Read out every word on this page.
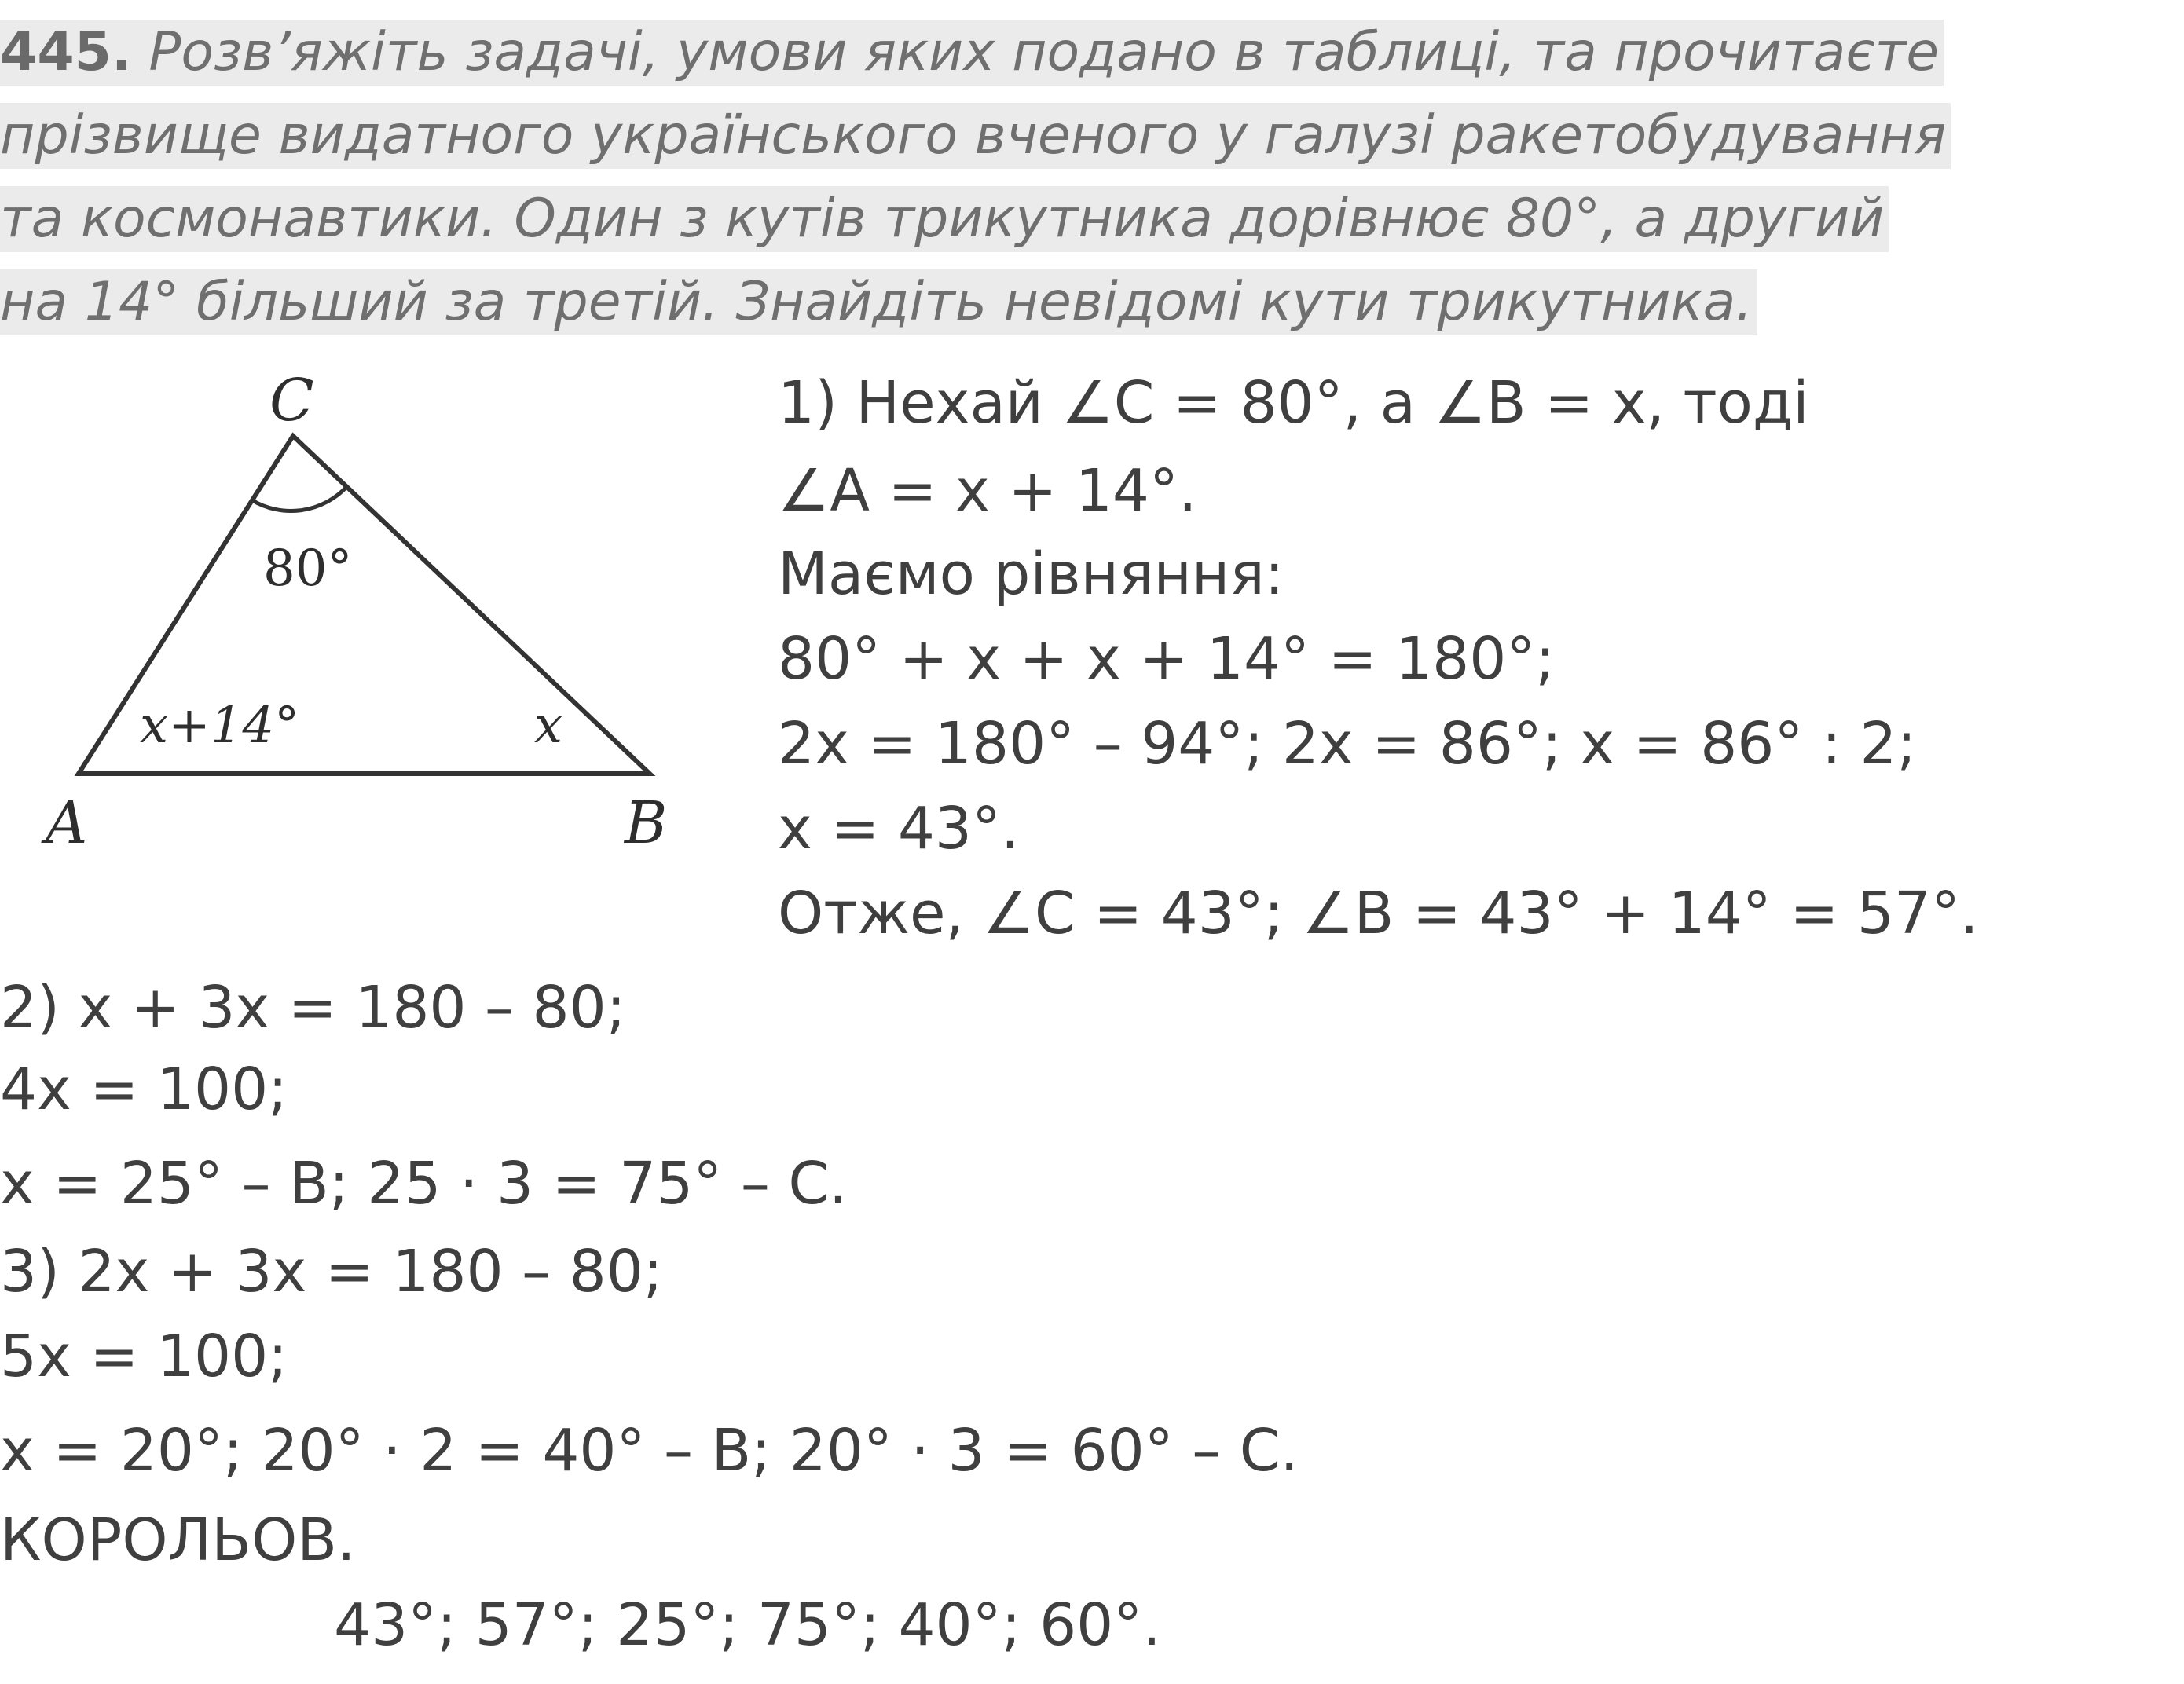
445. Розв’яжіть задачі, умови яких подано в таблиці, та прочитаєте
прізвище видатного українського вченого у галузі ракетобудування
та космонавтики. Один з кутів трикутника дорівнює 80°, а другий
на 14° більший за третій. Знайдіть невідомі кути трикутника.
C
80°
x+14°	x
A	B
1) Нехай ∠C = 80°, а ∠B = x, тоді
∠A = x + 14°.
Маємо рівняння:
80° + x + x + 14° = 180°;
2x = 180° – 94°; 2x = 86°; x = 86° : 2;
x = 43°.
Отже, ∠C = 43°; ∠B = 43° + 14° = 57°.
2) x + 3x = 180 – 80;
4x = 100;
x = 25° – B; 25 · 3 = 75° – C.
3) 2x + 3x = 180 – 80;
5x = 100;
x = 20°; 20° · 2 = 40° – B; 20° · 3 = 60° – C.
КОРОЛЬОВ.
43°; 57°; 25°; 75°; 40°; 60°.
